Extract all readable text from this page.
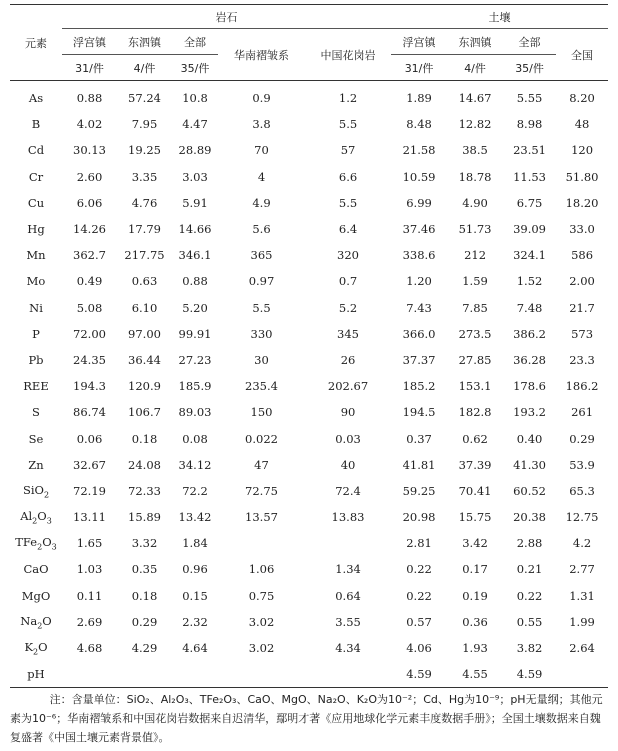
元素	岩石					土壤			
	浮宫镇	东泗镇	全部	华南褶皱系	中国花岗岩	浮宫镇	东泗镇	全部	全国
	31/件	4/件	35/件			31/件	4/件	35/件	
As	0.88	57.24	10.8	0.9	1.2	1.89	14.67	5.55	8.20
B	4.02	7.95	4.47	3.8	5.5	8.48	12.82	8.98	48
Cd	30.13	19.25	28.89	70	57	21.58	38.5	23.51	120
Cr	2.60	3.35	3.03	4	6.6	10.59	18.78	11.53	51.80
Cu	6.06	4.76	5.91	4.9	5.5	6.99	4.90	6.75	18.20
Hg	14.26	17.79	14.66	5.6	6.4	37.46	51.73	39.09	33.0
Mn	362.7	217.75	346.1	365	320	338.6	212	324.1	586
Mo	0.49	0.63	0.88	0.97	0.7	1.20	1.59	1.52	2.00
Ni	5.08	6.10	5.20	5.5	5.2	7.43	7.85	7.48	21.7
P	72.00	97.00	99.91	330	345	366.0	273.5	386.2	573
Pb	24.35	36.44	27.23	30	26	37.37	27.85	36.28	23.3
REE	194.3	120.9	185.9	235.4	202.67	185.2	153.1	178.6	186.2
S	86.74	106.7	89.03	150	90	194.5	182.8	193.2	261
Se	0.06	0.18	0.08	0.022	0.03	0.37	0.62	0.40	0.29
Zn	32.67	24.08	34.12	47	40	41.81	37.39	41.30	53.9
SiO$_2$	72.19	72.33	72.2	72.75	72.4	59.25	70.41	60.52	65.3
$Al_2O_3$	13.11	15.89	13.42	13.57	13.83	20.98	15.75	20.38	12.75
$TFe_2O_3$	1.65	3.32	1.84			2.81	3.42	2.88	4.2
CaO	1.03	0.35	0.96	1.06	1.34	0.22	0.17	0.21	2.77
MgO	0.11	0.18	0.15	0.75	0.64	0.22	0.19	0.22	1.31
$Na_2O$	2.69	0.29	2.32	3.02	3.55	0.57	0.36	0.55	1.99
$K_2O$	4.68	4.29	4.64	3.02	4.34	4.06	1.93	3.82	2.64
pH						4.59	4.55	4.59	
注：含量单位：SiO₂、Al₂O₃、TFe₂O₃、CaO、MgO、Na₂O、K₂O为10⁻²；Cd、Hg为10⁻⁹；pH无量纲；其他元素为10⁻⁶；华南褶皱系和中国花岗岩数据来自迟清华，鄢明才著《应用地球化学元素丰度数据手册》；全国土壤数据来自魏复盛著《中国土壤元素背景值》。
